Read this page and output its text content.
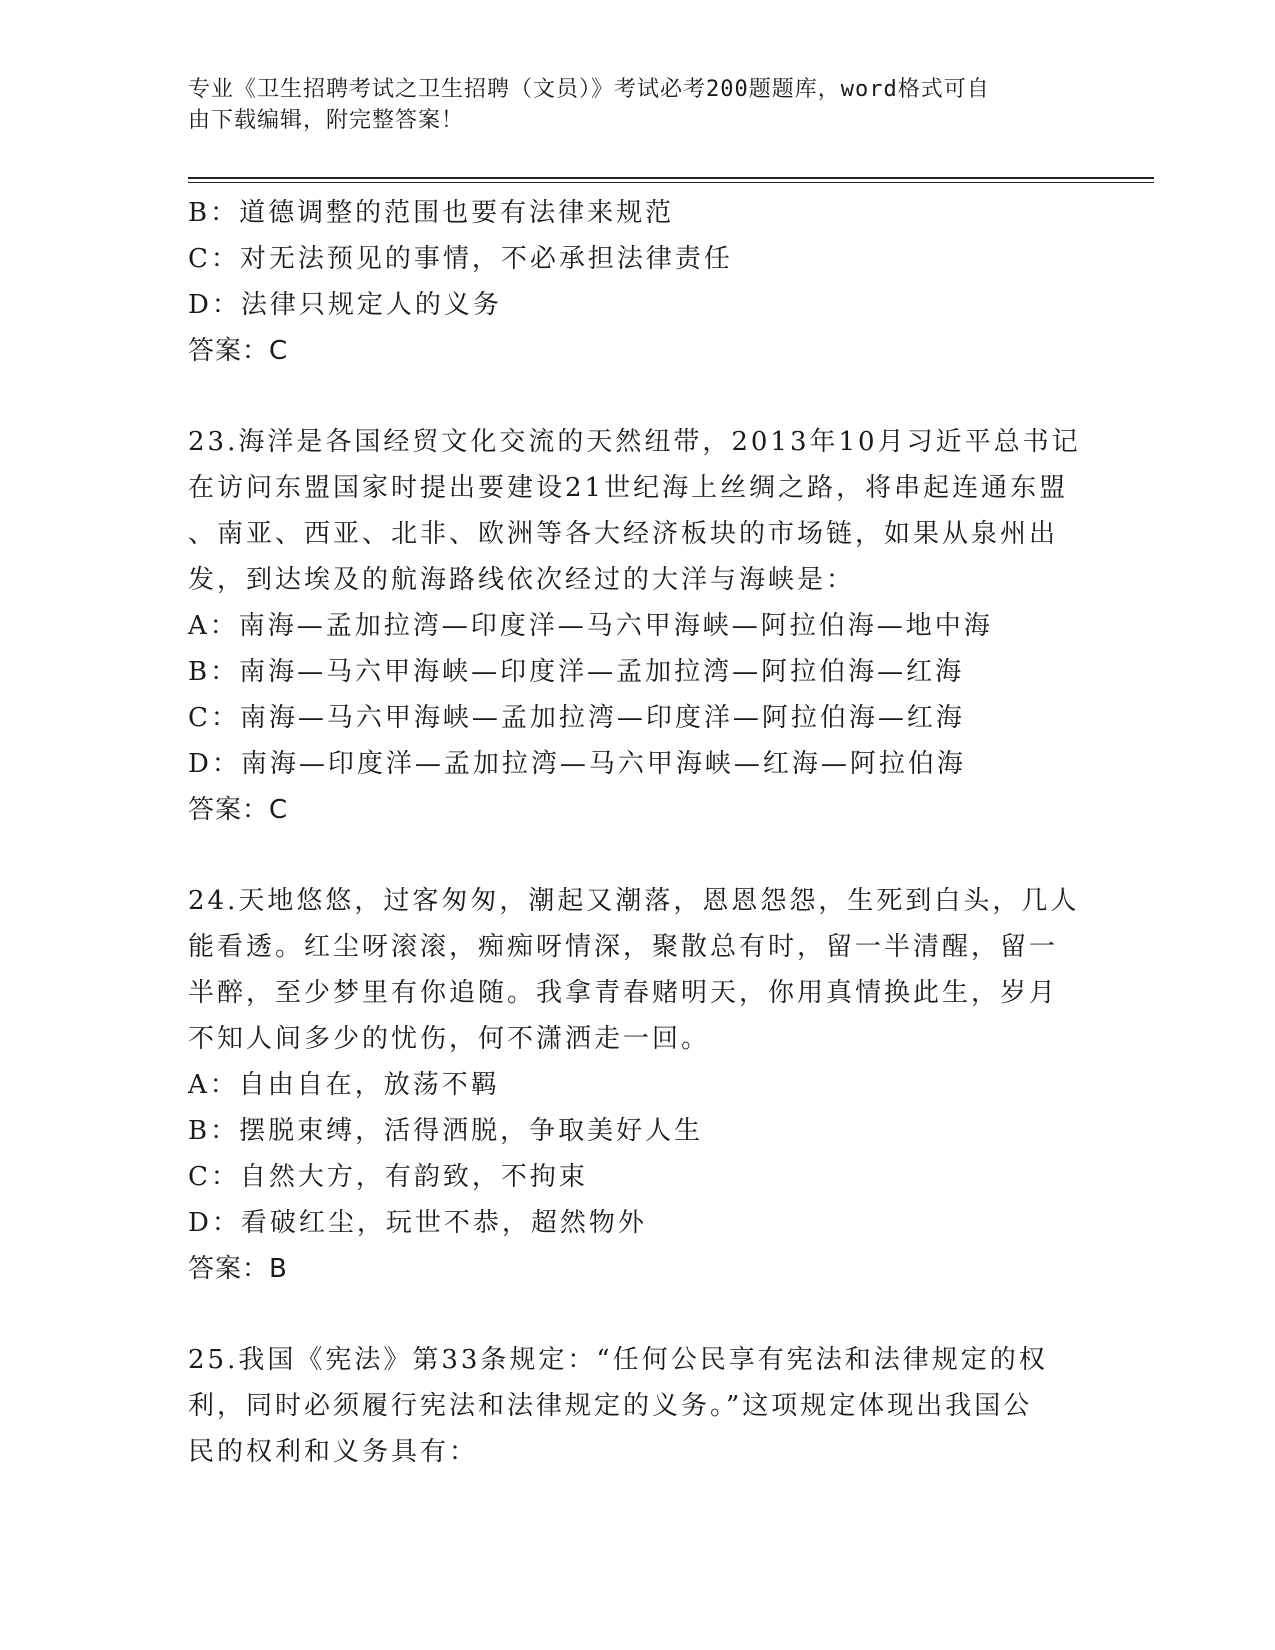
专业《卫生招聘考试之卫生招聘（文员）》考试必考200题题库，word格式可自
由下载编辑，附完整答案！
B：道德调整的范围也要有法律来规范
C：对无法预见的事情，不必承担法律责任
D：法律只规定人的义务
答案：C
23.海洋是各国经贸文化交流的天然纽带，2013年10月习近平总书记
在访问东盟国家时提出要建设21世纪海上丝绸之路，将串起连通东盟
、南亚、西亚、北非、欧洲等各大经济板块的市场链，如果从泉州出
发，到达埃及的航海路线依次经过的大洋与海峡是：
A：南海—孟加拉湾—印度洋—马六甲海峡—阿拉伯海—地中海
B：南海—马六甲海峡—印度洋—孟加拉湾—阿拉伯海—红海
C：南海—马六甲海峡—孟加拉湾—印度洋—阿拉伯海—红海
D：南海—印度洋—孟加拉湾—马六甲海峡—红海—阿拉伯海
答案：C
24.天地悠悠，过客匆匆，潮起又潮落，恩恩怨怨，生死到白头，几人
能看透。红尘呀滚滚，痴痴呀情深，聚散总有时，留一半清醒，留一
半醉，至少梦里有你追随。我拿青春赌明天，你用真情换此生，岁月
不知人间多少的忧伤，何不潇洒走一回。
A：自由自在，放荡不羁
B：摆脱束缚，活得洒脱，争取美好人生
C：自然大方，有韵致，不拘束
D：看破红尘，玩世不恭，超然物外
答案：B
25.我国《宪法》第33条规定：“任何公民享有宪法和法律规定的权
利，同时必须履行宪法和法律规定的义务。”这项规定体现出我国公
民的权利和义务具有：
